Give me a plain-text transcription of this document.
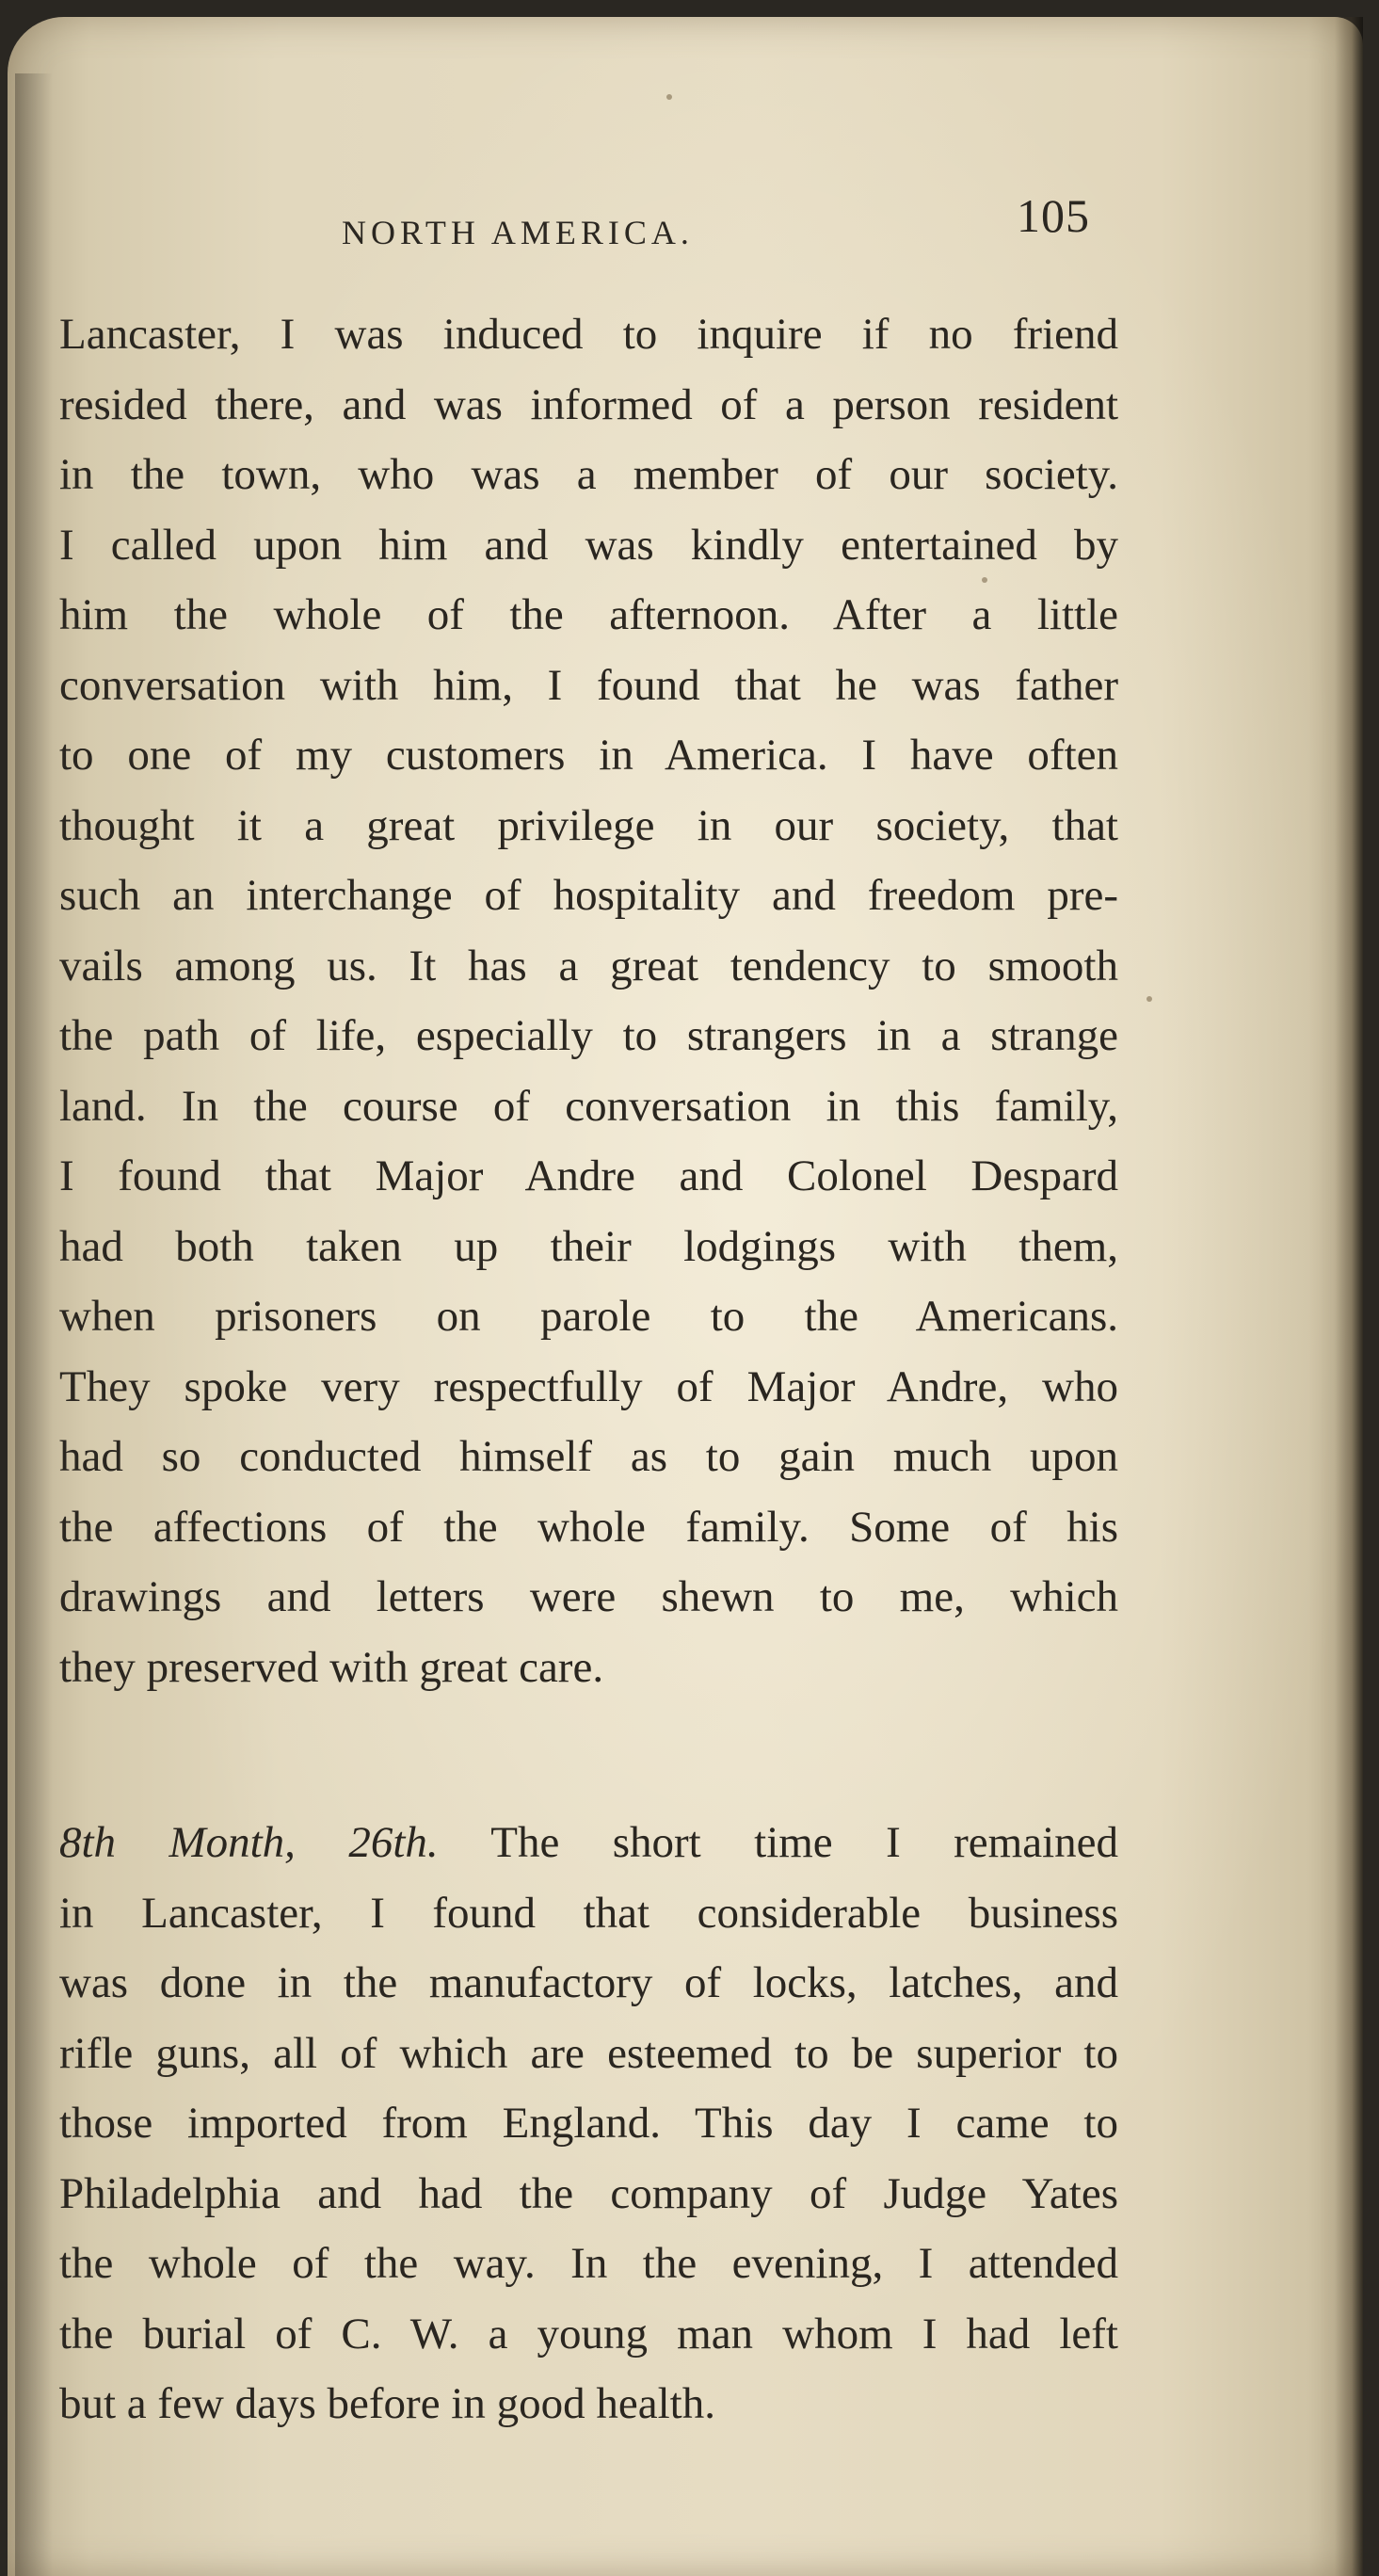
NORTH AMERICA.	105
Lancaster, I was induced to inquire if no friend
resided there, and was informed of a person resident
in the town, who was a member of our society.
I called upon him and was kindly entertained by
him the whole of the afternoon. After a little
conversation with him, I found that he was father
to one of my customers in America. I have often
thought it a great privilege in our society, that
such an interchange of hospitality and freedom pre-
vails among us. It has a great tendency to smooth
the path of life, especially to strangers in a strange
land. In the course of conversation in this family,
I found that Major Andre and Colonel Despard
had both taken up their lodgings with them,
when prisoners on parole to the Americans.
They spoke very respectfully of Major Andre, who
had so conducted himself as to gain much upon
the affections of the whole family. Some of his
drawings and letters were shewn to me, which
they preserved with great care.
8th Month, 26th. The short time I remained
in Lancaster, I found that considerable business
was done in the manufactory of locks, latches, and
rifle guns, all of which are esteemed to be superior to
those imported from England. This day I came to
Philadelphia and had the company of Judge Yates
the whole of the way. In the evening, I attended
the burial of C. W. a young man whom I had left
but a few days before in good health.
